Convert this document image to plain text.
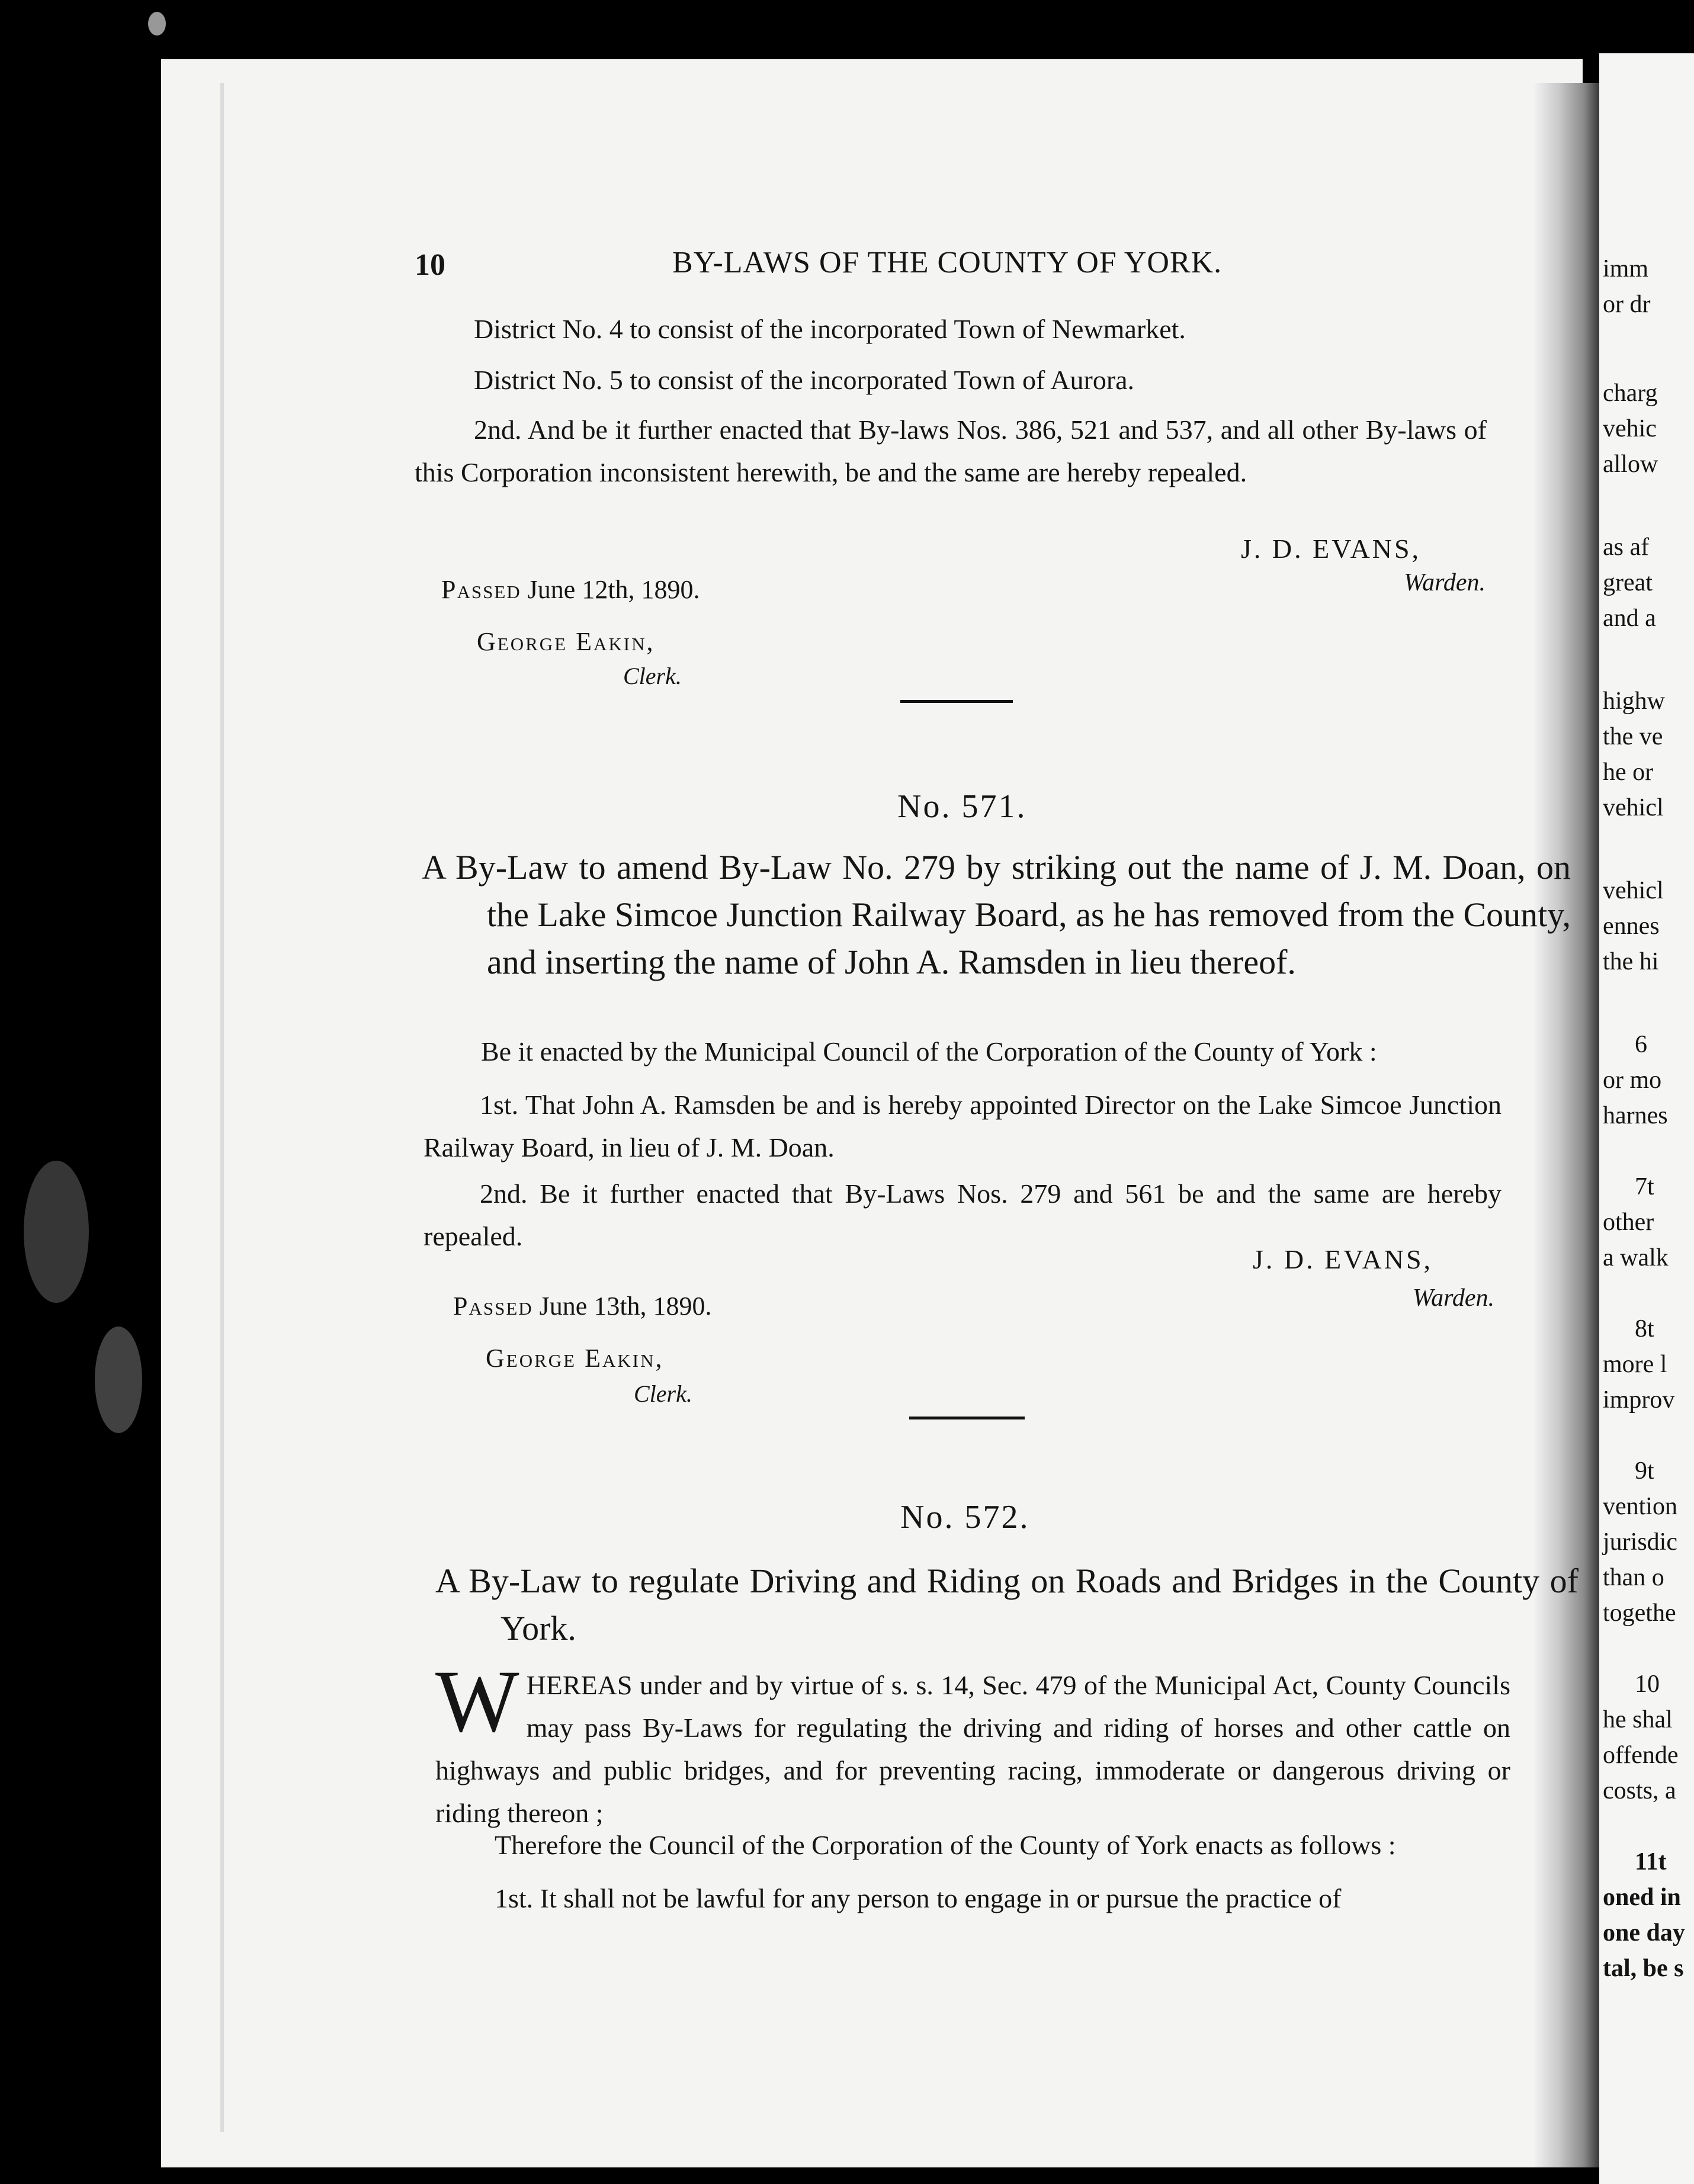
imm
or dr
charg
vehic
allow
as af
great
and a
highw
the ve
he or
vehicl
vehicl
ennes
the hi
6
or mo
harnes
7t
other
a walk
8t
more l
improv
9t
vention
jurisdic
than o
togethe
10
he shal
offende
costs, a
11t
oned in
one day
tal, be s
10	BY-LAWS OF THE COUNTY OF YORK.

District No. 4 to consist of the incorporated Town of Newmarket.

District No. 5 to consist of the incorporated Town of Aurora.

2nd. And be it further enacted that By-laws Nos. 386, 521 and 537, and all other By-laws of this Corporation inconsistent herewith, be and the same are hereby repealed.

J. D. EVANS,
Warden.
Passed June 12th, 1890.
George Eakin,
Clerk.
No. 571.

A By-Law to amend By-Law No. 279 by striking out the name of J. M. Doan, on the Lake Simcoe Junction Railway Board, as he has removed from the County, and inserting the name of John A. Ramsden in lieu thereof.

Be it enacted by the Municipal Council of the Corporation of the County of York :

1st. That John A. Ramsden be and is hereby appointed Director on the Lake Simcoe Junction Railway Board, in lieu of J. M. Doan.

2nd. Be it further enacted that By-Laws Nos. 279 and 561 be and the same are hereby repealed.

J. D. EVANS,
Warden.
Passed June 13th, 1890.
George Eakin,
Clerk.
No. 572.

A By-Law to regulate Driving and Riding on Roads and Bridges in the County of York.

WHEREAS under and by virtue of s. s. 14, Sec. 479 of the Municipal Act, County Councils may pass By-Laws for regulating the driving and riding of horses and other cattle on highways and public bridges, and for preventing racing, immoderate or dangerous driving or riding thereon ;

Therefore the Council of the Corporation of the County of York enacts as follows :

1st. It shall not be lawful for any person to engage in or pursue the practice of
